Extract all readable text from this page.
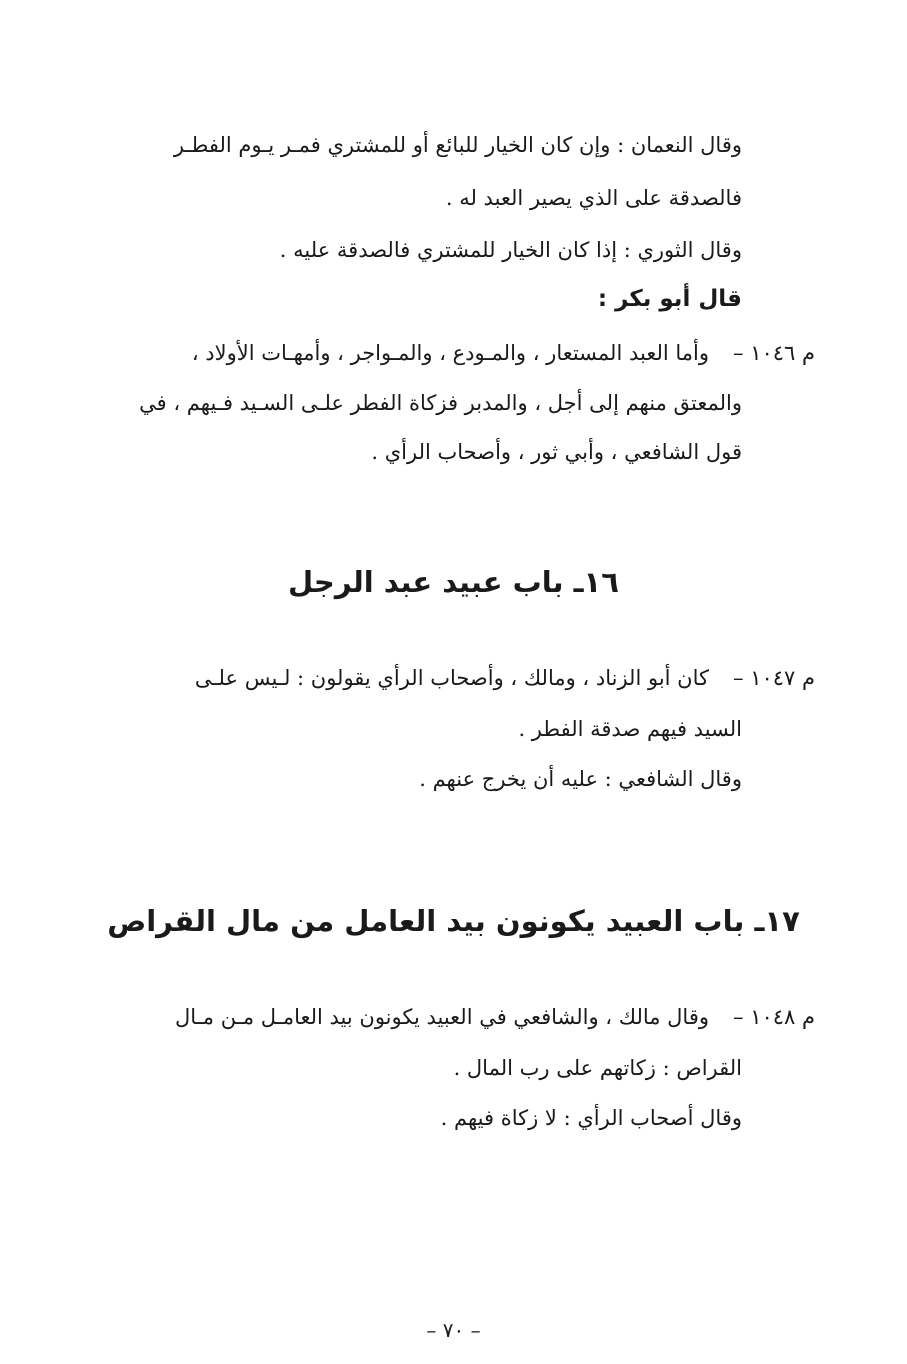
وقال النعمان : وإن كان الخيار للبائع أو للمشتري فمـر يـوم الفطـر
فالصدقة على الذي يصير العبد له .
وقال الثوري : إذا كان الخيار للمشتري فالصدقة عليه .
قال أبو بكر :
م ١٠٤٦ –
وأما العبد المستعار ، والمـودع ، والمـواجر ، وأمهـات الأولاد ،
والمعتق منهم إلى أجل ، والمدبر فزكاة الفطر علـى السـيد فـيهم ، في
قول الشافعي ، وأبي ثور ، وأصحاب الرأي .
١٦ـ باب عبيد عبد الرجل
م ١٠٤٧ –
كان أبو الزناد ، ومالك ، وأصحاب الرأي يقولون : لـيس علـى
السيد فيهم صدقة الفطر .
وقال الشافعي : عليه أن يخرج عنهم .
١٧ـ باب العبيد يكونون بيد العامل من مال القراص
م ١٠٤٨ –
وقال مالك ، والشافعي في العبيد يكونون بيد العامـل مـن مـال
القراص : زكاتهم على رب المال .
وقال أصحاب الرأي : لا زكاة فيهم .
– ٧٠ –
